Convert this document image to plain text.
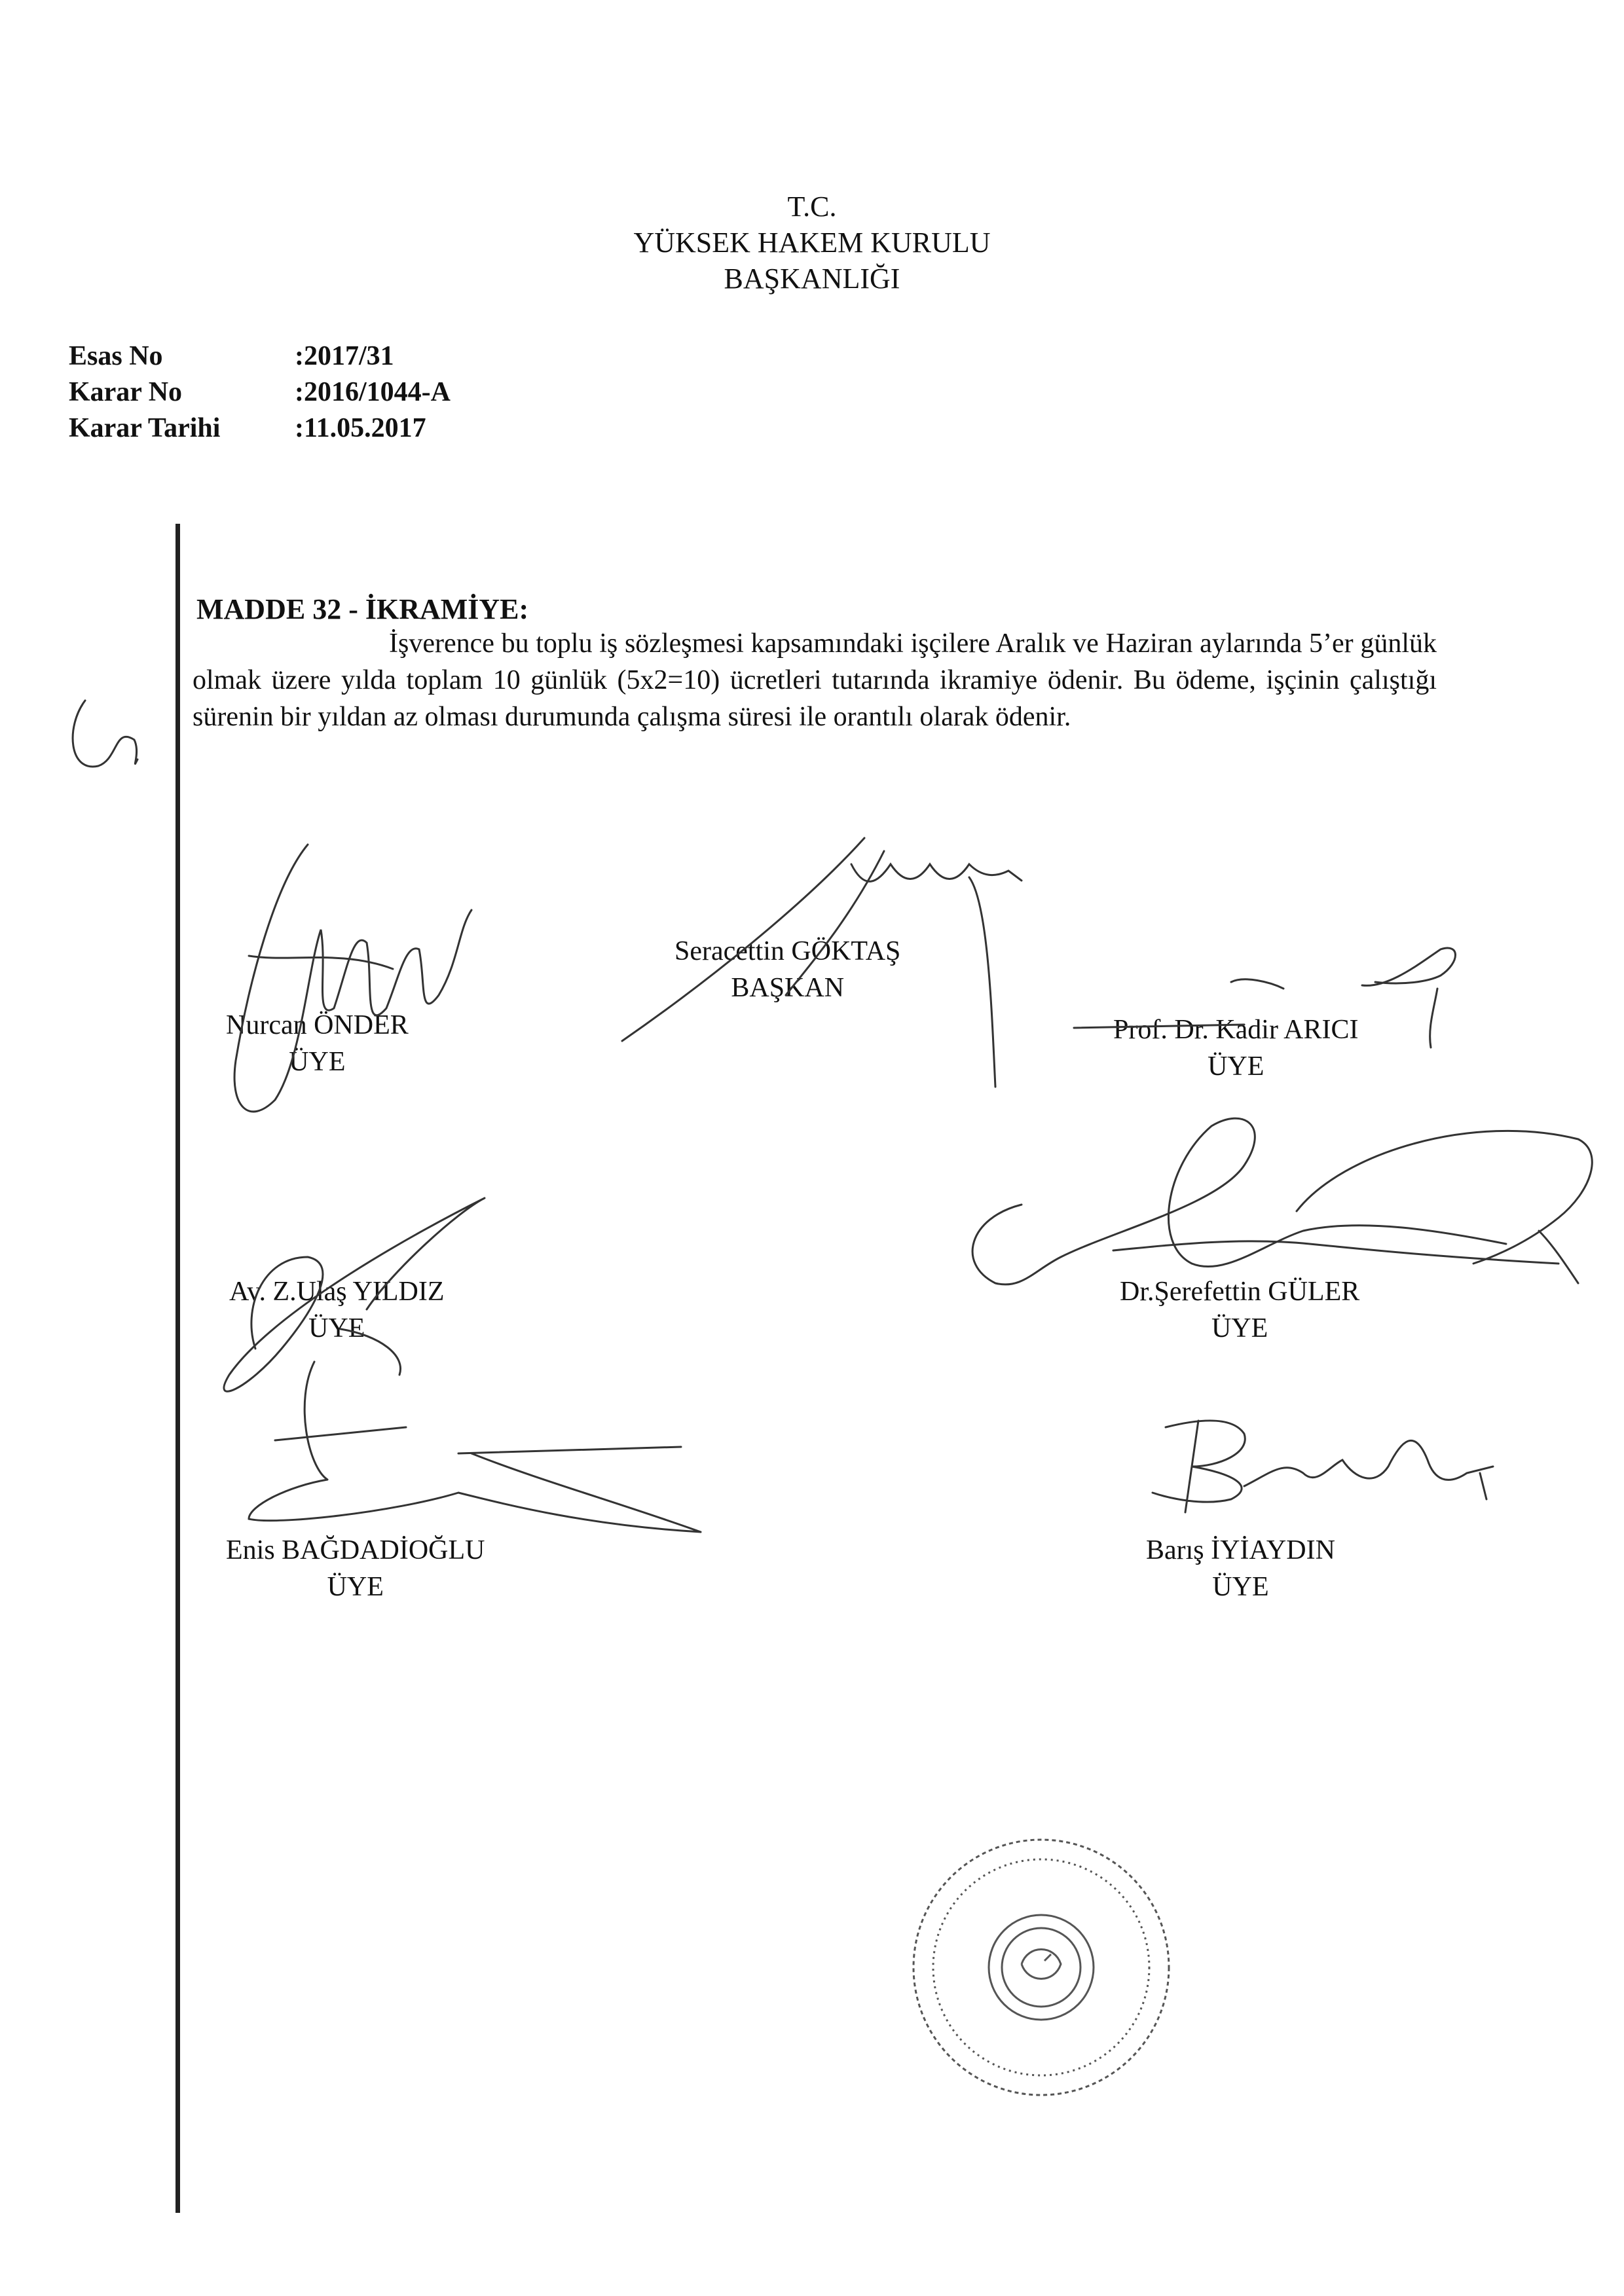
T.C.
YÜKSEK HAKEM KURULU
BAŞKANLIĞI
Esas No	:2017/31
Karar No	:2016/1044-A
Karar Tarihi	:11.05.2017
MADDE 32 - İKRAMİYE:

İşverence bu toplu iş sözleşmesi kapsamındaki işçilere Aralık ve Haziran aylarında 5’er günlük olmak üzere yılda toplam 10 günlük (5x2=10) ücretleri tutarında ikramiye ödenir. Bu ödeme, işçinin çalıştığı sürenin bir yıldan az olması durumunda çalışma süresi ile orantılı olarak ödenir.

Seracettin GÖKTAŞ
BAŞKAN
Nurcan ÖNDER
ÜYE
Prof. Dr. Kadir ARICI
ÜYE
Av. Z.Ulaş YILDIZ
ÜYE
Dr.Şerefettin GÜLER
ÜYE
Enis BAĞDADİOĞLU
ÜYE
Barış İYİAYDIN
ÜYE
